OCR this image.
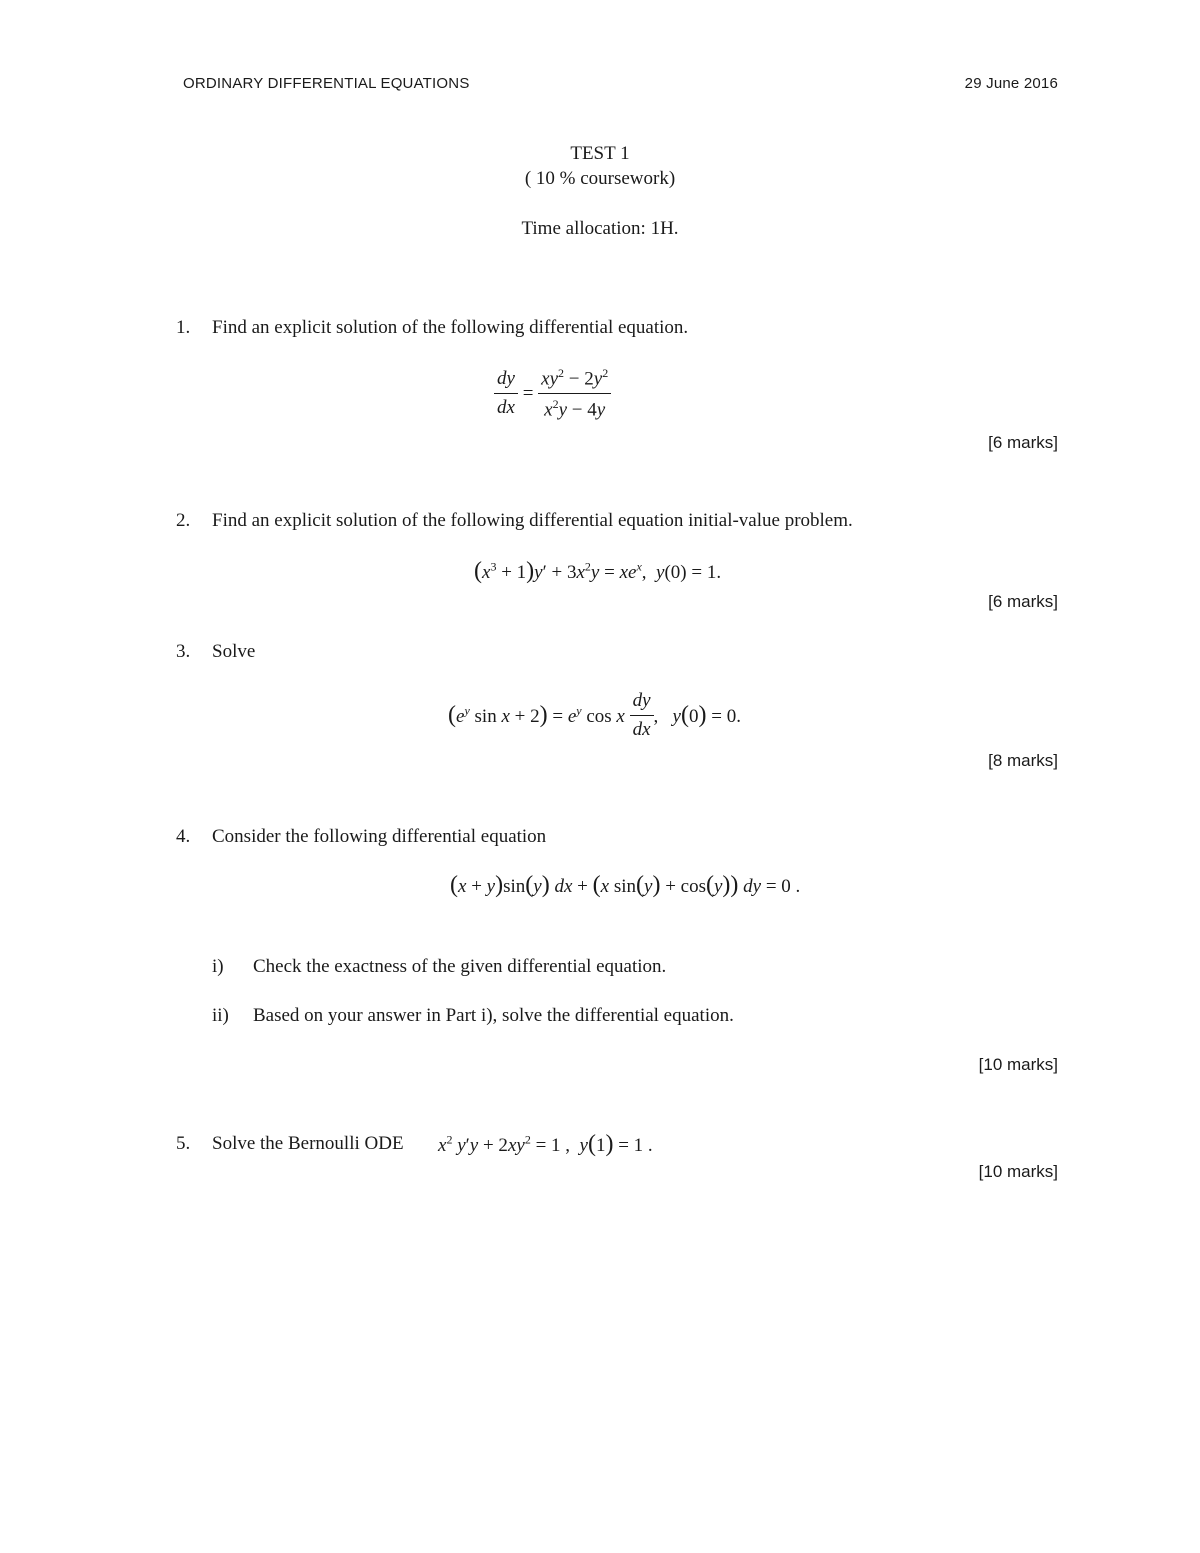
ORDINARY DIFFERENTIAL EQUATIONS	29 June 2016
TEST 1
( 10 % coursework)
Time allocation: 1H.
1. Find an explicit solution of the following differential equation.
$\frac{dy}{dx} = \frac{xy^2 - 2y^2}{x^2y - 4y}$
[6 marks]
2. Find an explicit solution of the following differential equation initial-value problem.
$(x^3 + 1)y' + 3x^2y = xe^x$,  y(0) = 1.
[6 marks]
3. Solve
($e^y$ $\sin x + 2) = e^y$ cos x $\frac{dy}{dx}$ ,   y(0) = 0.
[8 marks]
4. Consider the following differential equation
(x + y)sin(y) dx + (x sin(y) + cos(y)) dy = 0 .
i) Check the exactness of the given differential equation.
ii) Based on your answer in Part i), solve the differential equation.
[10 marks]
5. Solve the Bernoulli ODE $x^2$ $y'y + 2xy^2 = 1$ ,  y(1) = 1 .
[10 marks]
